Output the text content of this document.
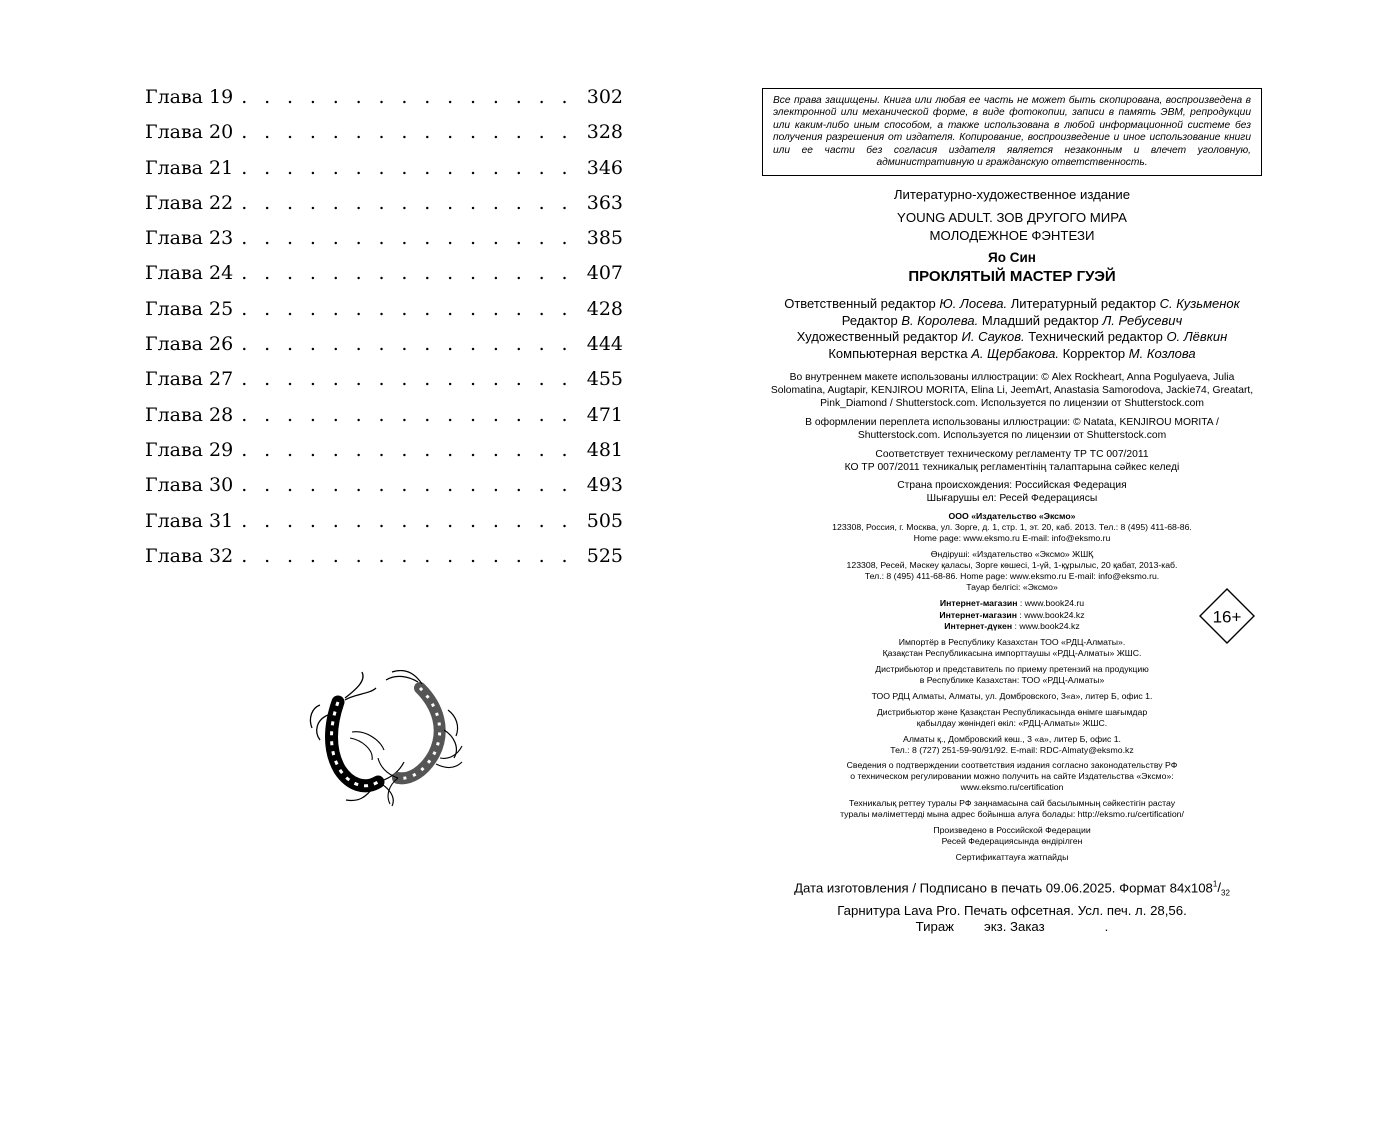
Глава 19 . . .	302
Глава 20 . . .	328
Глава 21 . . .	346
Глава 22 . . .	363
Глава 23 . . .	385
Глава 24 . . .	407
Глава 25 . . .	428
Глава 26 . . .	444
Глава 27 . . .	455
Глава 28 . . .	471
Глава 29 . . .	481
Глава 30 . . .	493
Глава 31 . . .	505
Глава 32 . . .	525

Все права защищены. Книга или любая ее часть не может быть скопирована, воспроизведена в электронной или механической форме, в виде фотокопии, записи в память ЭВМ, репродукции или каким-либо иным способом, а также использована в любой информационной системе без получения разрешения от издателя. Копирование, воспроизведение и иное использование книги или ее части без согласия издателя является незаконным и влечет уголовную, административную и гражданскую ответственность.

Литературно-художественное издание

YOUNG ADULT. ЗОВ ДРУГОГО МИРА

МОЛОДЕЖНОЕ ФЭНТЕЗИ

Яо Син

ПРОКЛЯТЫЙ МАСТЕР ГУЭЙ

Ответственный редактор Ю. Лосева. Литературный редактор С. Кузьменок

Редактор В. Королева. Младший редактор Л. Ребусевич

Художественный редактор И. Сауков. Технический редактор О. Лёвкин

Компьютерная верстка А. Щербакова. Корректор М. Козлова

Во внутреннем макете использованы иллюстрации: © Alex Rockheart, Anna Pogulyaeva, Julia Solomatina, Augtapir, KENJIROU MORITA, Elina Li, JeemArt, Anastasia Samorodova, Jackie74, Greatart, Pink_Diamond / Shutterstock.com. Используется по лицензии от Shutterstock.com

В оформлении переплета использованы иллюстрации: © Natata, KENJIROU MORITA / Shutterstock.com. Используется по лицензии от Shutterstock.com

Соответствует техническому регламенту ТР ТС 007/2011

КО ТР 007/2011 техникалық регламентінің талаптарына сәйкес келеді

Страна происхождения: Российская Федерация

Шығарушы ел: Ресей Федерациясы

ООО «Издательство «Эксмо»

123308, Россия, г. Москва, ул. Зорге, д. 1, стр. 1, эт. 20, каб. 2013. Тел.: 8 (495) 411-68-86.

Home page: www.eksmo.ru E-mail: info@eksmo.ru

Өндіруші: «Издательство «Эксмо» ЖШҚ

123308, Ресей, Мәскеу қаласы, Зорге көшесі, 1-үй, 1-құрылыс, 20 қабат, 2013-каб.

Тел.: 8 (495) 411-68-86. Home page: www.eksmo.ru E-mail: info@eksmo.ru.

Тауар белгісі: «Эксмо»

Интернет-магазин : www.book24.ru

Интернет-магазин : www.book24.kz

Интернет-дүкен : www.book24.kz

Импортёр в Республику Казахстан ТОО «РДЦ-Алматы».

Қазақстан Республикасына импорттаушы «РДЦ-Алматы» ЖШС.

Дистрибьютор и представитель по приему претензий на продукцию

в Республике Казахстан: ТОО «РДЦ-Алматы»

ТОО РДЦ Алматы, Алматы, ул. Домбровского, 3«а», литер Б, офис 1.

Дистрибьютор және Қазақстан Республикасында өнімге шағымдар

қабылдау жөніндегі өкіл: «РДЦ-Алматы» ЖШС.

Алматы қ., Домбровский көш., 3 «а», литер Б, офис 1.

Тел.: 8 (727) 251-59-90/91/92. E-mail: RDC-Almaty@eksmo.kz

Сведения о подтверждении соответствия издания согласно законодательству РФ

о техническом регулировании можно получить на сайте Издательства «Эксмо»:

www.eksmo.ru/certification

Техникалық реттеу туралы РФ заңнамасына сай басылымның сәйкестігін растау

туралы мәліметтерді мына адрес бойынша алуға болады: http://eksmo.ru/certification/

Произведено в Российской Федерации

Ресей Федерациясында өндірілген

Сертификаттауға жатпайды

Дата изготовления / Подписано в печать 09.06.2025. Формат $84x108^1/_{32}$

Гарнитура Lava Pro. Печать офсетная. Усл. печ. л. 28,56.

Тираж экз. Заказ	.

16+
